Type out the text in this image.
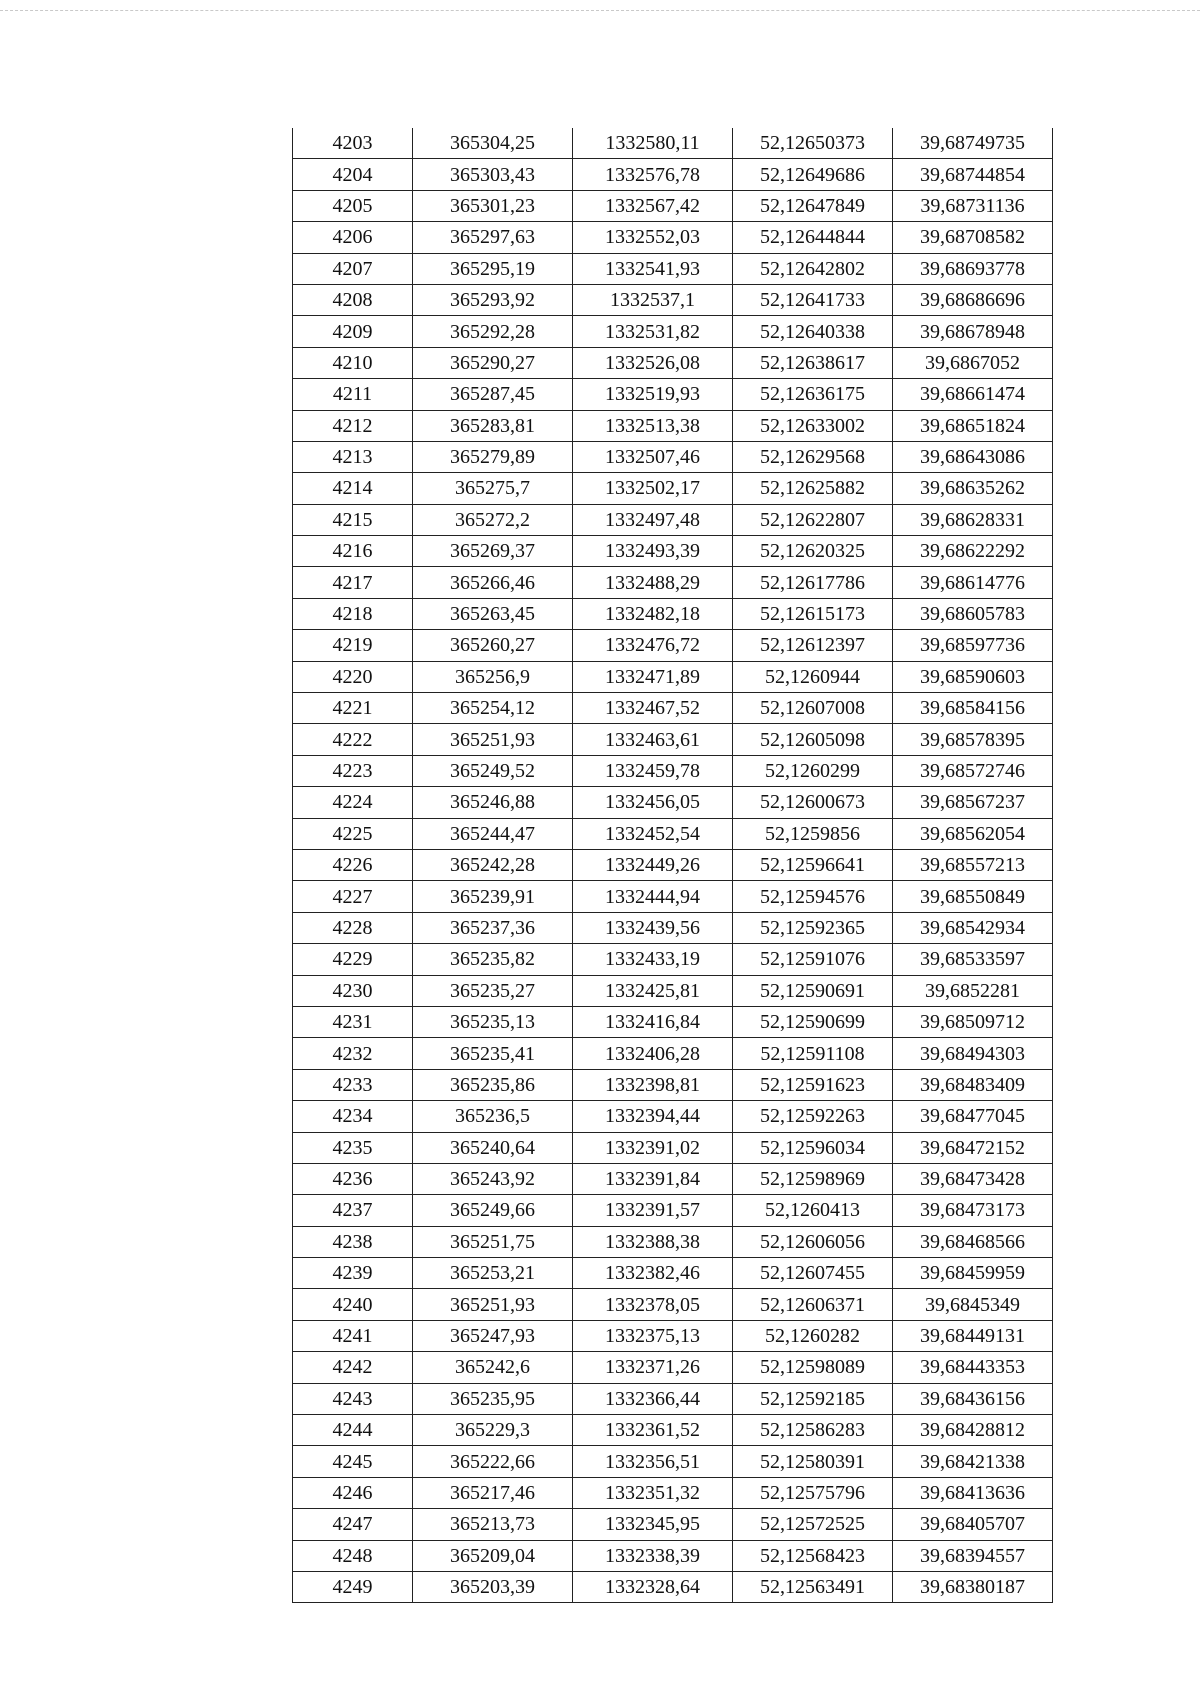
4203	365304,25	1332580,11	52,12650373	39,68749735
4204	365303,43	1332576,78	52,12649686	39,68744854
4205	365301,23	1332567,42	52,12647849	39,68731136
4206	365297,63	1332552,03	52,12644844	39,68708582
4207	365295,19	1332541,93	52,12642802	39,68693778
4208	365293,92	1332537,1	52,12641733	39,68686696
4209	365292,28	1332531,82	52,12640338	39,68678948
4210	365290,27	1332526,08	52,12638617	39,6867052
4211	365287,45	1332519,93	52,12636175	39,68661474
4212	365283,81	1332513,38	52,12633002	39,68651824
4213	365279,89	1332507,46	52,12629568	39,68643086
4214	365275,7	1332502,17	52,12625882	39,68635262
4215	365272,2	1332497,48	52,12622807	39,68628331
4216	365269,37	1332493,39	52,12620325	39,68622292
4217	365266,46	1332488,29	52,12617786	39,68614776
4218	365263,45	1332482,18	52,12615173	39,68605783
4219	365260,27	1332476,72	52,12612397	39,68597736
4220	365256,9	1332471,89	52,1260944	39,68590603
4221	365254,12	1332467,52	52,12607008	39,68584156
4222	365251,93	1332463,61	52,12605098	39,68578395
4223	365249,52	1332459,78	52,1260299	39,68572746
4224	365246,88	1332456,05	52,12600673	39,68567237
4225	365244,47	1332452,54	52,1259856	39,68562054
4226	365242,28	1332449,26	52,12596641	39,68557213
4227	365239,91	1332444,94	52,12594576	39,68550849
4228	365237,36	1332439,56	52,12592365	39,68542934
4229	365235,82	1332433,19	52,12591076	39,68533597
4230	365235,27	1332425,81	52,12590691	39,6852281
4231	365235,13	1332416,84	52,12590699	39,68509712
4232	365235,41	1332406,28	52,12591108	39,68494303
4233	365235,86	1332398,81	52,12591623	39,68483409
4234	365236,5	1332394,44	52,12592263	39,68477045
4235	365240,64	1332391,02	52,12596034	39,68472152
4236	365243,92	1332391,84	52,12598969	39,68473428
4237	365249,66	1332391,57	52,1260413	39,68473173
4238	365251,75	1332388,38	52,12606056	39,68468566
4239	365253,21	1332382,46	52,12607455	39,68459959
4240	365251,93	1332378,05	52,12606371	39,6845349
4241	365247,93	1332375,13	52,1260282	39,68449131
4242	365242,6	1332371,26	52,12598089	39,68443353
4243	365235,95	1332366,44	52,12592185	39,68436156
4244	365229,3	1332361,52	52,12586283	39,68428812
4245	365222,66	1332356,51	52,12580391	39,68421338
4246	365217,46	1332351,32	52,12575796	39,68413636
4247	365213,73	1332345,95	52,12572525	39,68405707
4248	365209,04	1332338,39	52,12568423	39,68394557
4249	365203,39	1332328,64	52,12563491	39,68380187
